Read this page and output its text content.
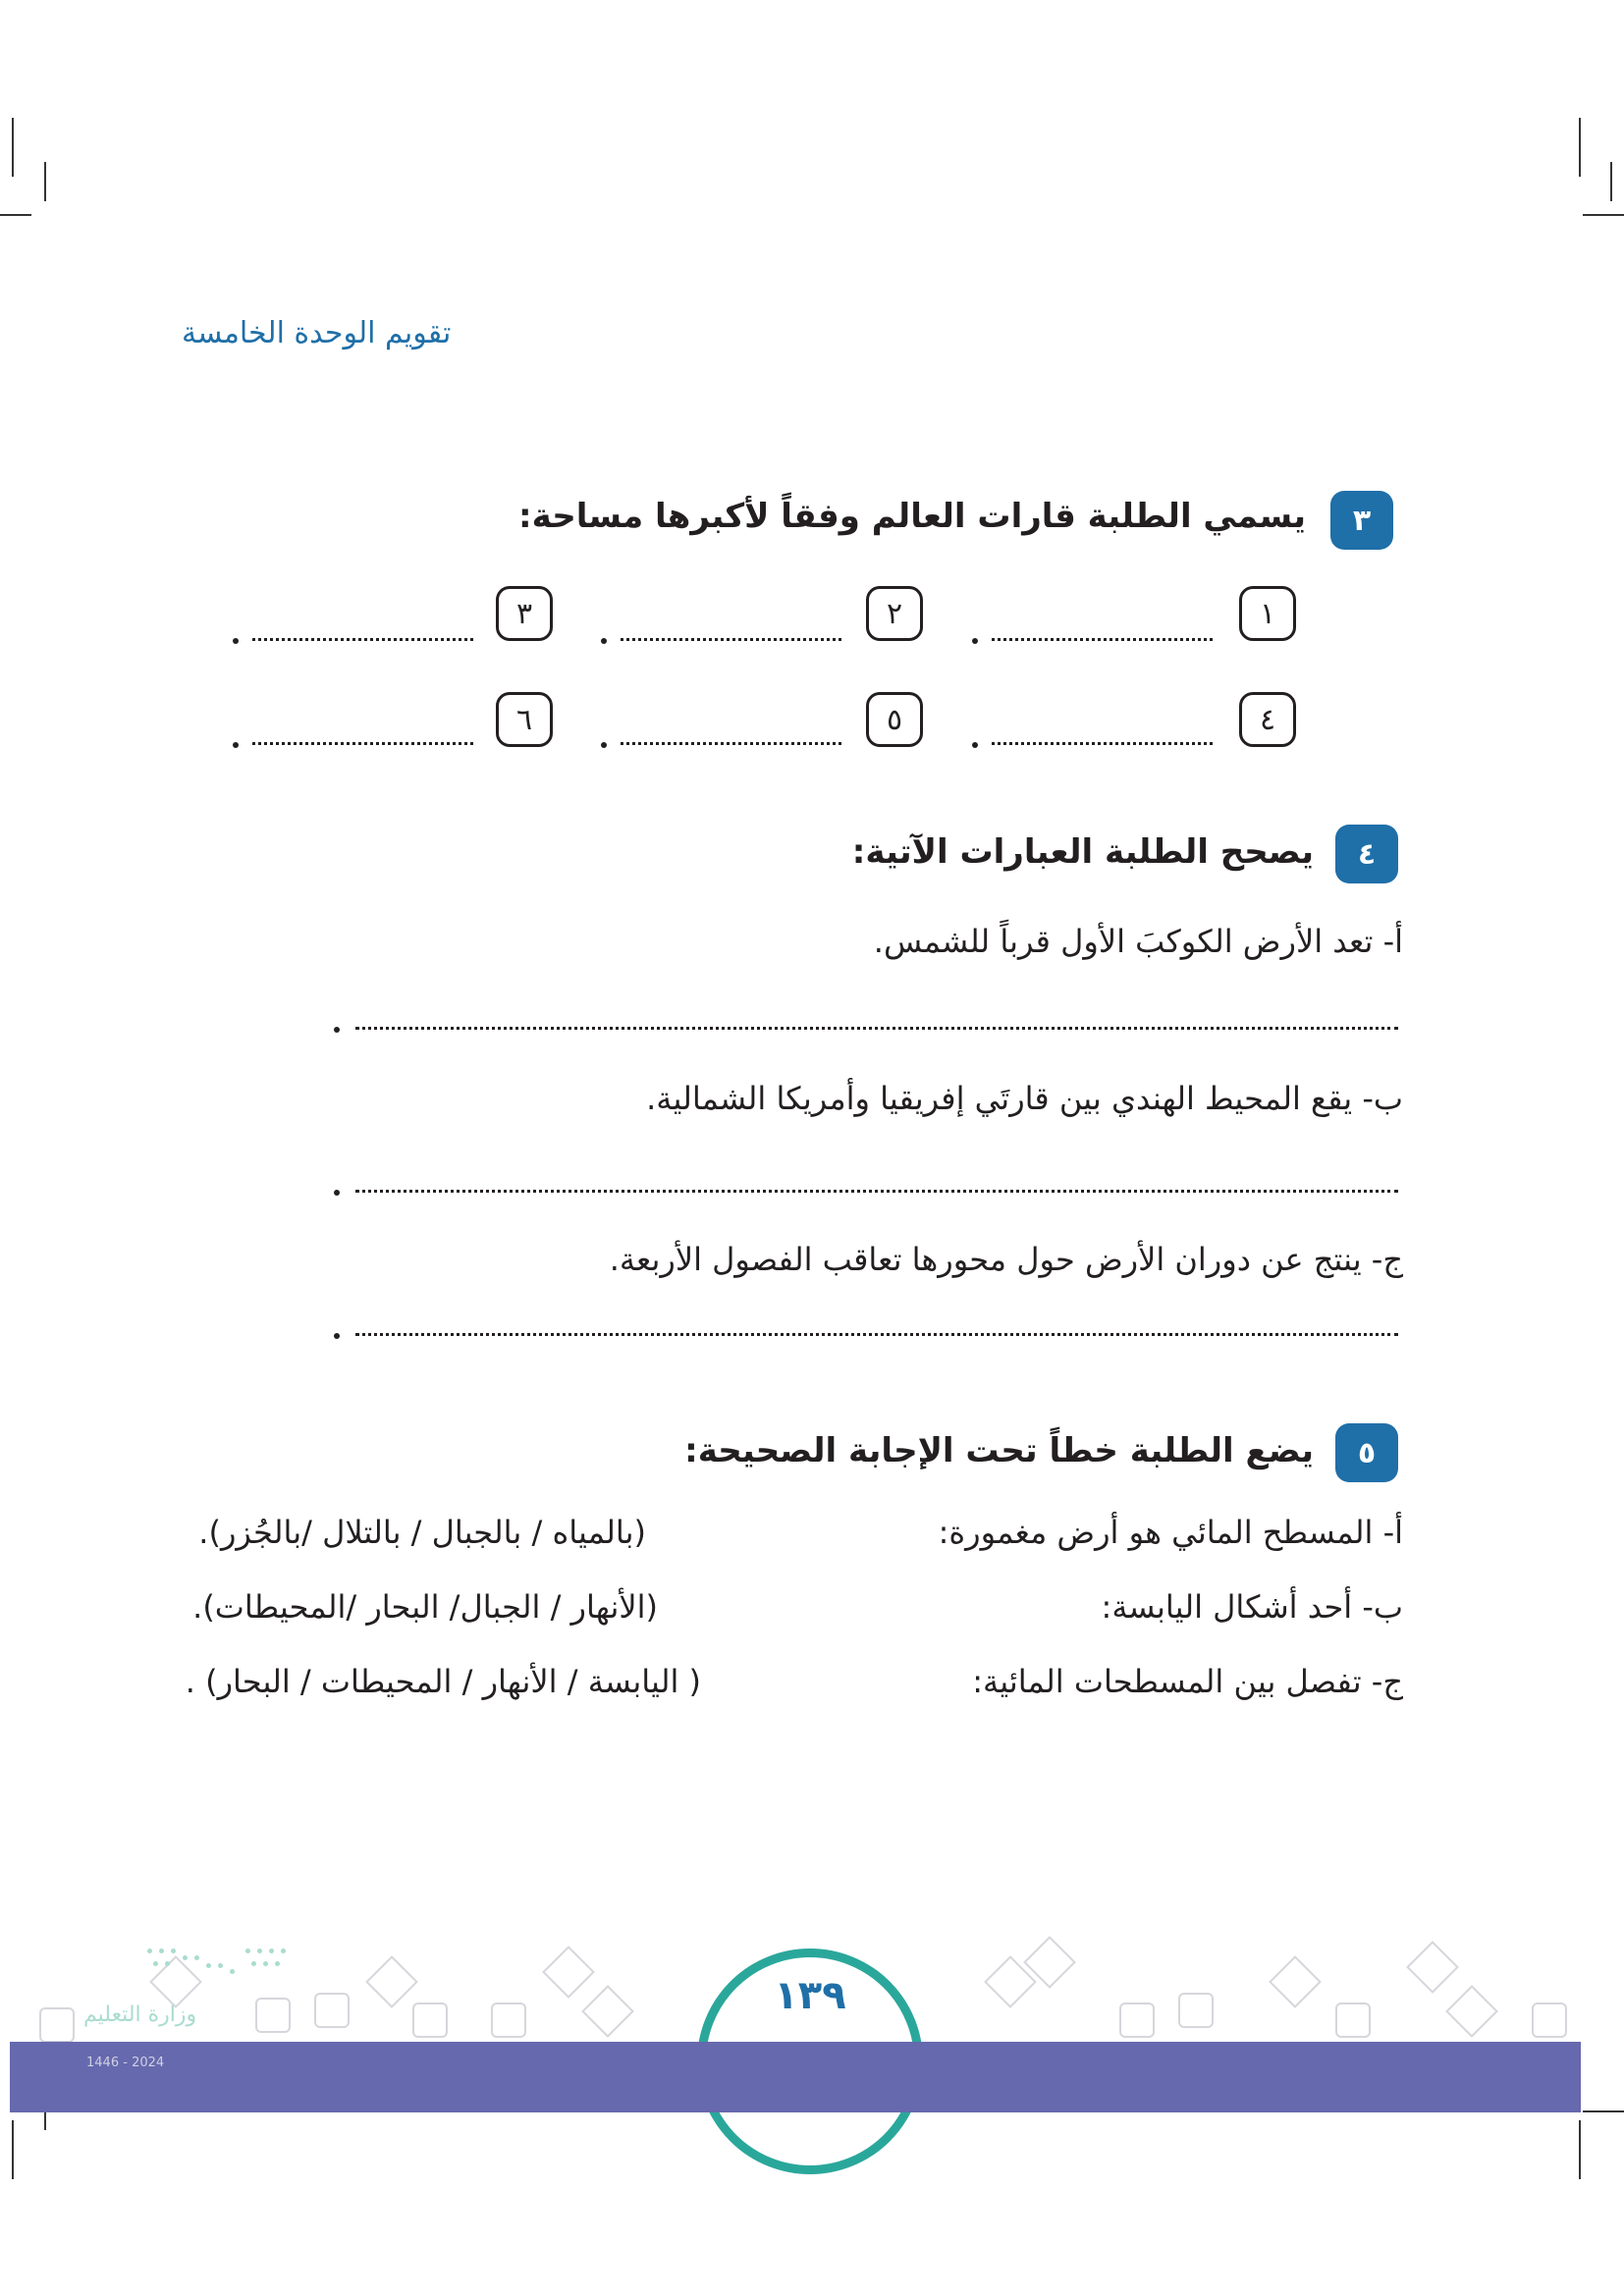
تقويم الوحدة الخامسة
٣
يسمي الطلبة قارات العالم وفقاً لأكبرها مساحة:
١
٢
٣
٤
٥
٦
٤
يصحح الطلبة العبارات الآتية:
أ- تعد الأرض الكوكبَ الأول قرباً للشمس.
ب- يقع المحيط الهندي بين قارتَي إفريقيا وأمريكا الشمالية.
ج- ينتج عن دوران الأرض حول محورها تعاقب الفصول الأربعة.
٥
يضع الطلبة خطاً تحت الإجابة الصحيحة:
أ- المسطح المائي هو أرض مغمورة:
(بالمياه / بالجبال / بالتلال /بالجُزر).
ب- أحد أشكال اليابسة:
(الأنهار / الجبال/ البحار /المحيطات).
ج- تفصل بين المسطحات المائية:
( اليابسة / الأنهار / المحيطات / البحار) .
١٣٩
وزارة التعليم
2024 - 1446
